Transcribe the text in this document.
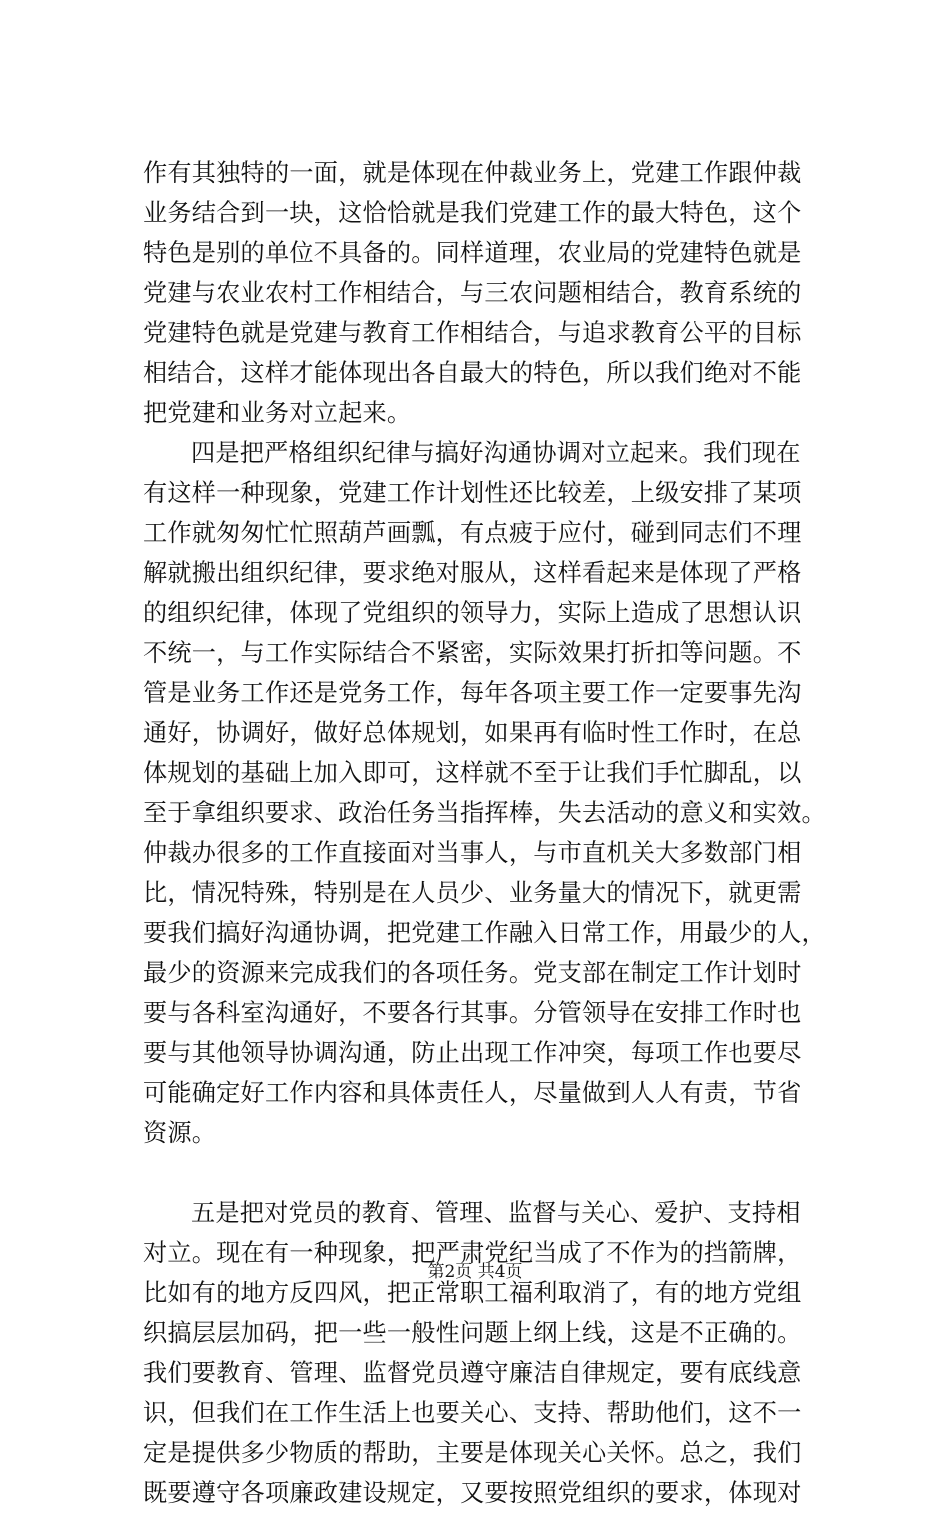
作有其独特的一面，就是体现在仲裁业务上，党建工作跟仲裁
业务结合到一块，这恰恰就是我们党建工作的最大特色，这个
特色是别的单位不具备的。同样道理，农业局的党建特色就是
党建与农业农村工作相结合，与三农问题相结合，教育系统的
党建特色就是党建与教育工作相结合，与追求教育公平的目标
相结合，这样才能体现出各自最大的特色，所以我们绝对不能
把党建和业务对立起来。
四是把严格组织纪律与搞好沟通协调对立起来。我们现在
有这样一种现象，党建工作计划性还比较差，上级安排了某项
工作就匆匆忙忙照葫芦画瓢，有点疲于应付，碰到同志们不理
解就搬出组织纪律，要求绝对服从，这样看起来是体现了严格
的组织纪律，体现了党组织的领导力，实际上造成了思想认识
不统一，与工作实际结合不紧密，实际效果打折扣等问题。不
管是业务工作还是党务工作，每年各项主要工作一定要事先沟
通好，协调好，做好总体规划，如果再有临时性工作时，在总
体规划的基础上加入即可，这样就不至于让我们手忙脚乱，以
至于拿组织要求、政治任务当指挥棒，失去活动的意义和实效。
仲裁办很多的工作直接面对当事人，与市直机关大多数部门相
比，情况特殊，特别是在人员少、业务量大的情况下，就更需
要我们搞好沟通协调，把党建工作融入日常工作，用最少的人，
最少的资源来完成我们的各项任务。党支部在制定工作计划时
要与各科室沟通好，不要各行其事。分管领导在安排工作时也
要与其他领导协调沟通，防止出现工作冲突，每项工作也要尽
可能确定好工作内容和具体责任人，尽量做到人人有责，节省
资源。
五是把对党员的教育、管理、监督与关心、爱护、支持相
对立。现在有一种现象，把严肃党纪当成了不作为的挡箭牌，
比如有的地方反四风，把正常职工福利取消了，有的地方党组
织搞层层加码，把一些一般性问题上纲上线，这是不正确的。
我们要教育、管理、监督党员遵守廉洁自律规定，要有底线意
识，但我们在工作生活上也要关心、支持、帮助他们，这不一
定是提供多少物质的帮助，主要是体现关心关怀。总之，我们
既要遵守各项廉政建设规定，又要按照党组织的要求，体现对
第2页 共4页
